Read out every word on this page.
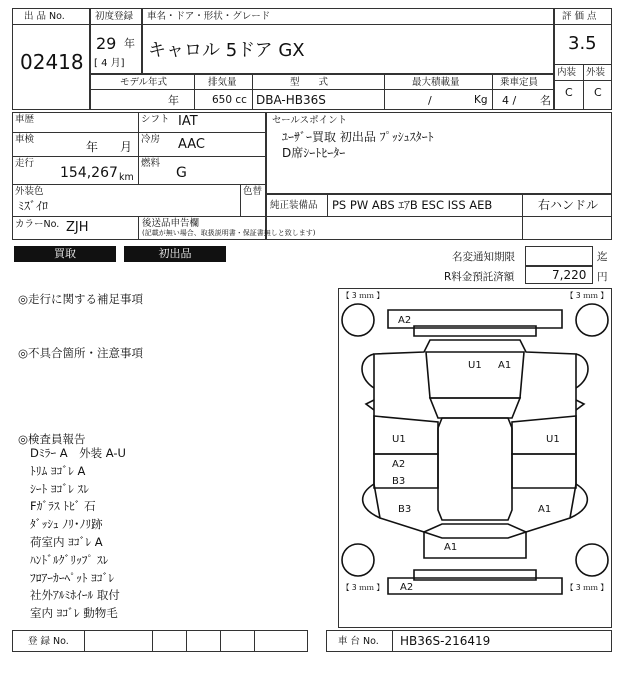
出 品 No.
02418
初度登録
29 年
[ 4 月]
車名・ドア・形状・グレード
キャロル 5ドア GX
評 価 点
3.5
内装 外装
C C
モデル年式
年
排気量
650 cc
型　　式
DBA-HB36S
最大積載量
/	Kg
乗車定員
4 / 名
車歴	シフト IAT
車検
年 月
冷房 AAC
走行
154,267 km
燃料
G
外装色
ﾐｽﾞｲﾛ
色替
カラーNo. ZJH	後送品申告欄
(記載が無い場合、取扱説明書・保証書無しと致します)
セールスポイント
ﾕｰｻﾞｰ買取 初出品 ﾌﾟｯｼｭｽﾀｰﾄ
D席ｼｰﾄﾋｰﾀｰ
純正装備品 PS PW ABS ｴｱB ESC ISS AEB	右ハンドル
買取	初出品	名変通知期限	迄
R料金預託済額	7,220 円
◎走行に関する補足事項
◎不具合箇所・注意事項
◎検査員報告
Dﾐﾗｰ A　外装 A-U
ﾄﾘﾑ ﾖｺﾞﾚ A
ｼｰﾄ ﾖｺﾞﾚ ｽﾚ
Fｶﾞﾗｽ ﾄﾋﾞ 石
ﾀﾞｯｼｭ ﾉﾘ･ﾉﾘ跡
荷室内 ﾖｺﾞﾚ A
ﾊﾝﾄﾞﾙｸﾞﾘｯﾌﾟ ｽﾚ
ﾌﾛｱｰｶｰﾍﾟｯﾄ ﾖｺﾞﾚ
社外ｱﾙﾐﾎｲｰﾙ 取付
室内 ﾖｺﾞﾚ 動物毛
【 3 ｍｍ 】	【 3 ｍｍ 】
【 3 ｍｍ 】	【 3 ｍｍ 】
A2
U1 A1
U1	U1
A2
B3
B3	A1
A1
A2
登 録 No.	車 台 No. HB36S-216419
